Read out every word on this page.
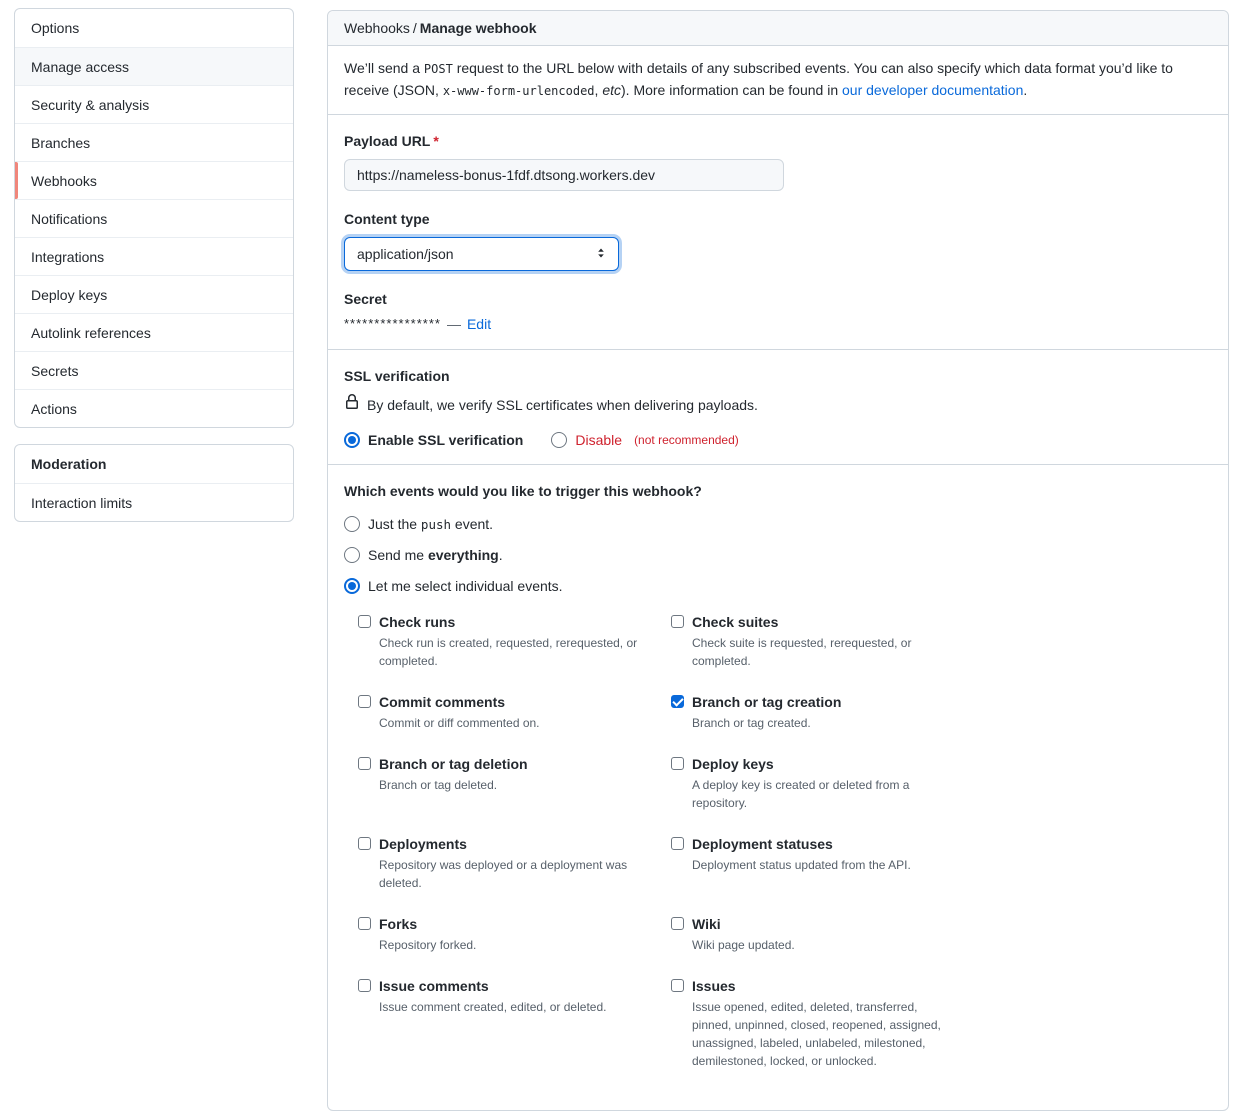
Options
Manage access
Security & analysis
Branches
Webhooks
Notifications
Integrations
Deploy keys
Autolink references
Secrets
Actions
Moderation
Interaction limits
Webhooks / Manage webhook

We’ll send a POST request to the URL below with details of any subscribed events. You can also specify which data format you’d like to receive (JSON, x-www-form-urlencoded, etc). More information can be found in our developer documentation.

Payload URL *
https://nameless-bonus-1fdf.dtsong.workers.dev
Content type
application/json
Secret
**************** — Edit
SSL verification
By default, we verify SSL certificates when delivering payloads.
Enable SSL verification	Disable (not recommended)
Which events would you like to trigger this webhook?
Just the push event.
Send me everything.
Let me select individual events.
Check runs
Check run is created, requested, rerequested, or completed.
Check suites
Check suite is requested, rerequested, or completed.
Commit comments
Commit or diff commented on.
Branch or tag creation
Branch or tag created.
Branch or tag deletion
Branch or tag deleted.
Deploy keys
A deploy key is created or deleted from a repository.
Deployments
Repository was deployed or a deployment was deleted.
Deployment statuses
Deployment status updated from the API.
Forks
Repository forked.
Wiki
Wiki page updated.
Issue comments
Issue comment created, edited, or deleted.
Issues
Issue opened, edited, deleted, transferred, pinned, unpinned, closed, reopened, assigned, unassigned, labeled, unlabeled, milestoned, demilestoned, locked, or unlocked.
